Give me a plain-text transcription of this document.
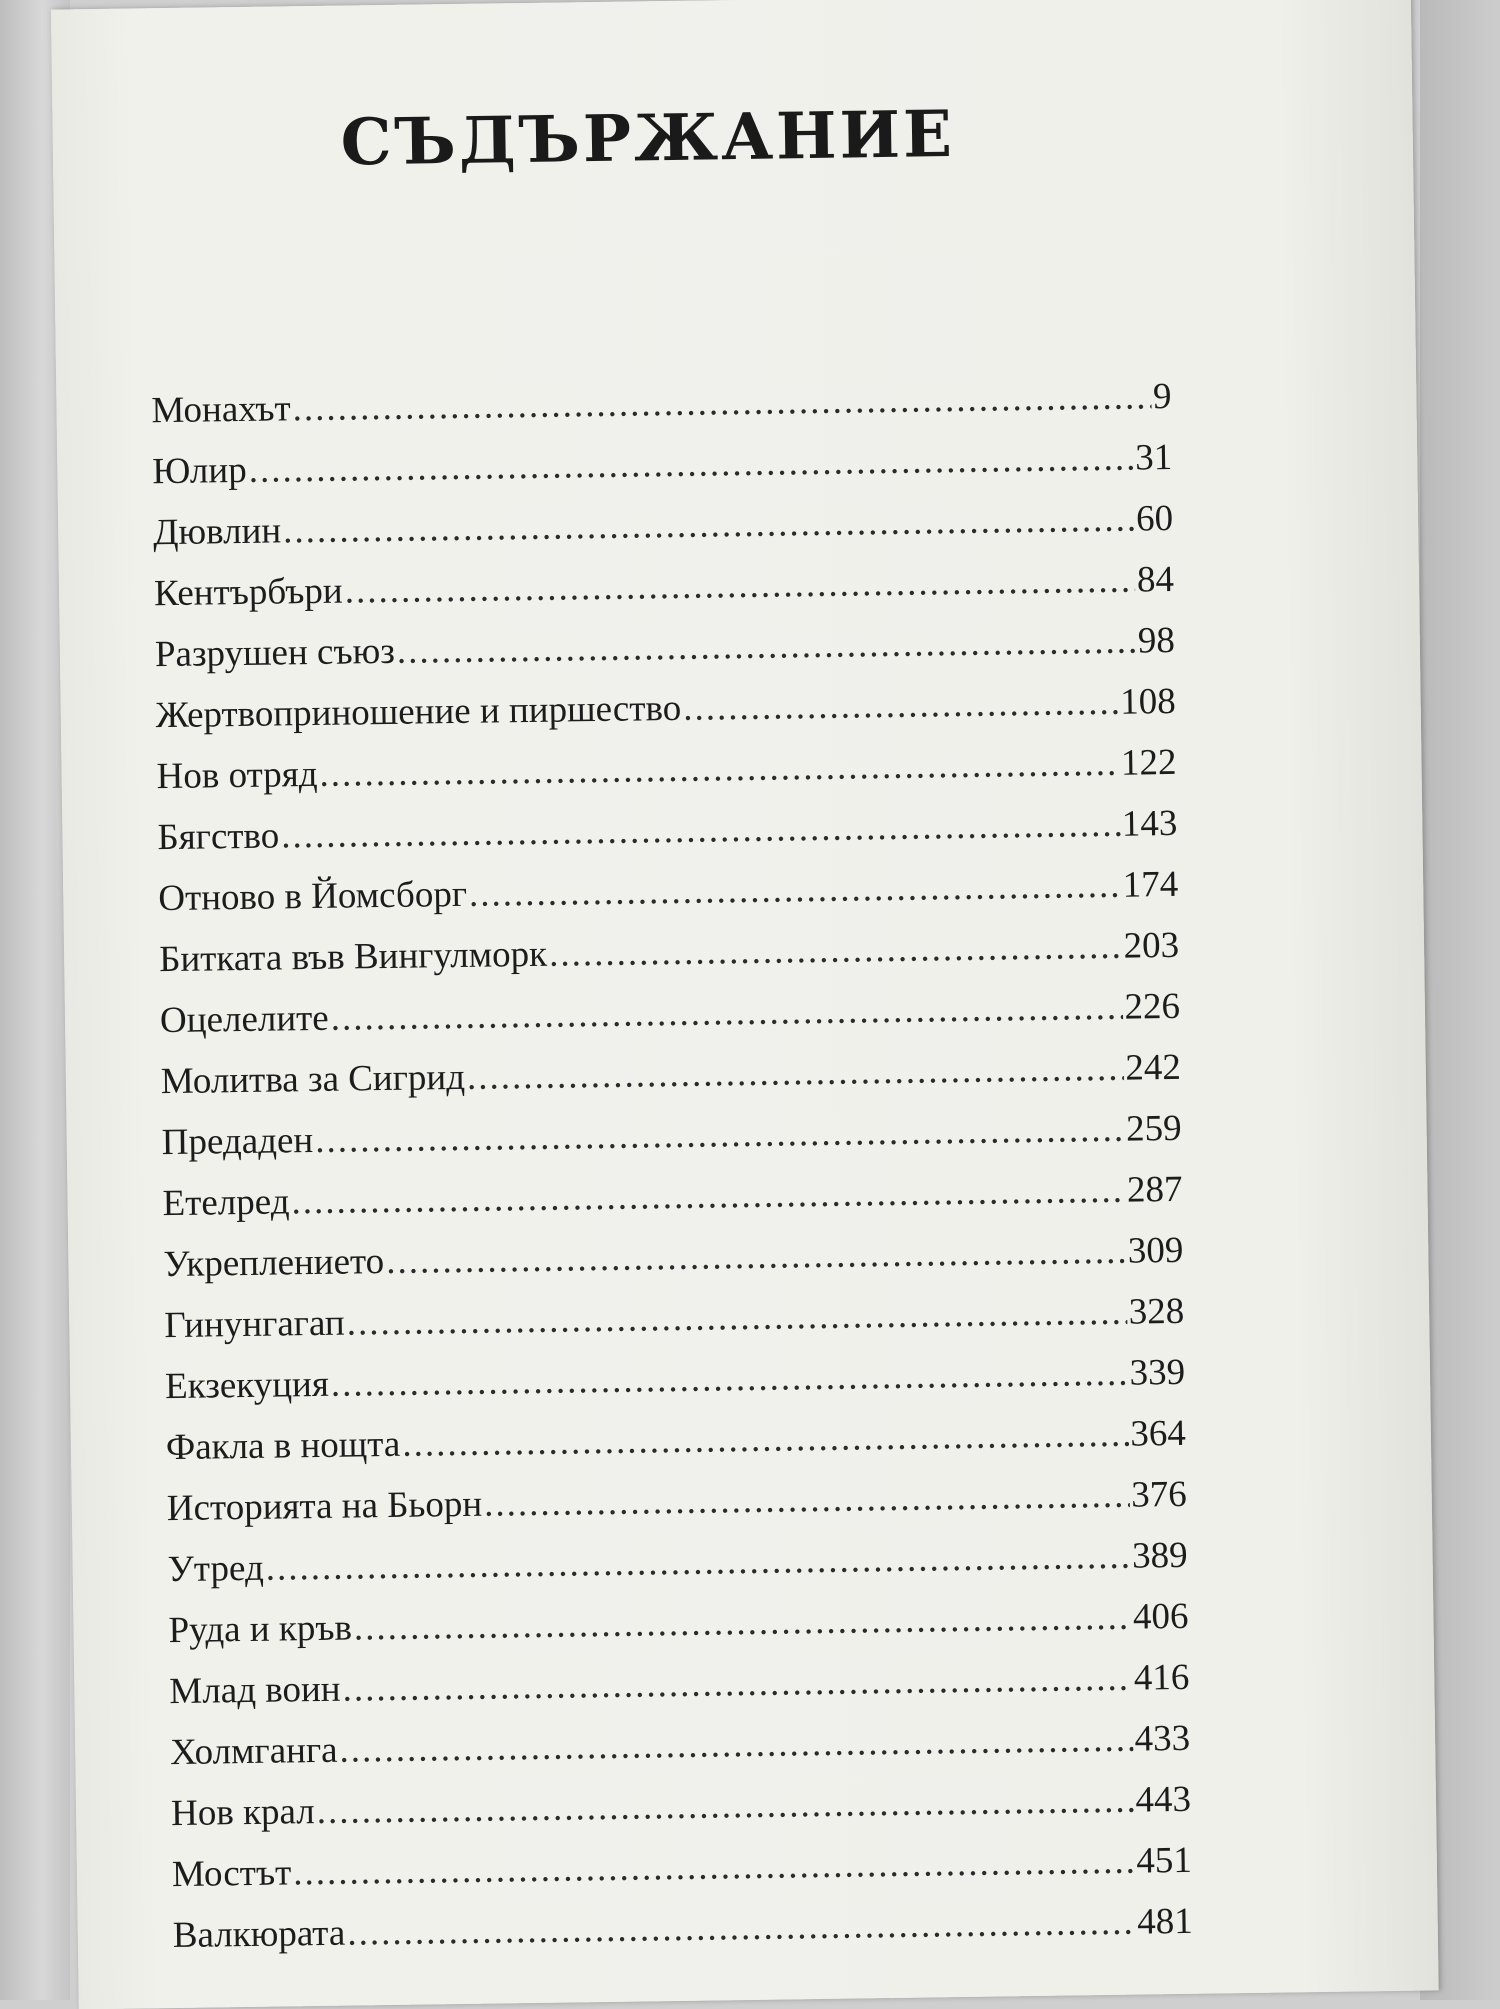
СЪДЪРЖАНИЕ
Монахът .....	9
Юлир .....	31
Дювлин .....	60
Кентърбъри .....	84
Разрушен съюз .....	98
Жертвоприношение и пиршество .....	108
Нов отряд .....	122
Бягство .....	143
Отново в Йомсборг .....	174
Битката във Вингулморк .....	203
Оцелелите .....	226
Молитва за Сигрид .....	242
Предаден .....	259
Етелред .....	287
Укреплението .....	309
Гинунгагап .....	328
Екзекуция .....	339
Факла в нощта .....	364
Историята на Бьорн .....	376
Утред .....	389
Руда и кръв .....	406
Млад воин .....	416
Холмганга .....	433
Нов крал .....	443
Мостът .....	451
Валкюрата .....	481
